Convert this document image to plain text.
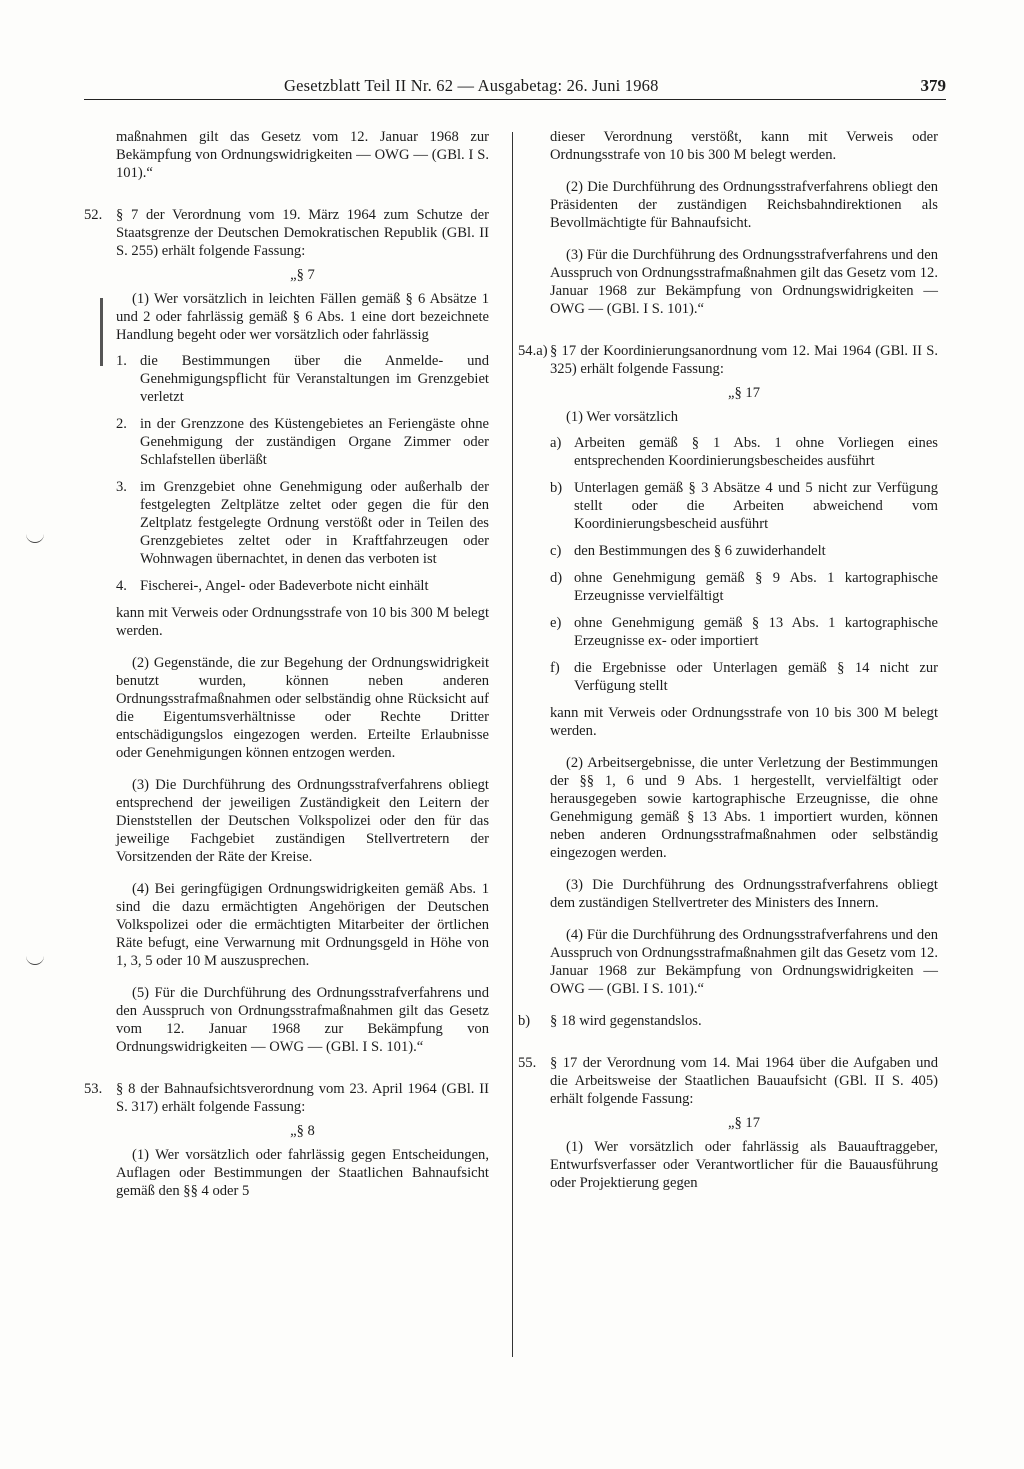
Gesetzblatt Teil II Nr. 62 — Ausgabetag: 26. Juni 1968	379

maßnahmen gilt das Gesetz vom 12. Januar 1968 zur Bekämpfung von Ordnungswidrigkeiten — OWG — (GBl. I S. 101).“

52. § 7 der Verordnung vom 19. März 1964 zum Schutze der Staatsgrenze der Deutschen Demokratischen Republik (GBl. II S. 255) erhält folgende Fassung:

„§ 7

(1) Wer vorsätzlich in leichten Fällen gemäß § 6 Absätze 1 und 2 oder fahrlässig gemäß § 6 Abs. 1 eine dort bezeichnete Handlung begeht oder wer vorsätzlich oder fahrlässig

1. die Bestimmungen über die Anmelde- und Genehmigungspflicht für Veranstaltungen im Grenzgebiet verletzt
2. in der Grenzzone des Küstengebietes an Feriengäste ohne Genehmigung der zuständigen Organe Zimmer oder Schlafstellen überläßt
3. im Grenzgebiet ohne Genehmigung oder außerhalb der festgelegten Zeltplätze zeltet oder gegen die für den Zeltplatz festgelegte Ordnung verstößt oder in Teilen des Grenzgebietes zeltet oder in Kraftfahrzeugen oder Wohnwagen übernachtet, in denen das verboten ist
4. Fischerei-, Angel- oder Badeverbote nicht einhält

kann mit Verweis oder Ordnungsstrafe von 10 bis 300 M belegt werden.

(2) Gegenstände, die zur Begehung der Ordnungswidrigkeit benutzt wurden, können neben anderen Ordnungsstrafmaßnahmen oder selbständig ohne Rücksicht auf die Eigentumsverhältnisse oder Rechte Dritter entschädigungslos eingezogen werden. Erteilte Erlaubnisse oder Genehmigungen können entzogen werden.

(3) Die Durchführung des Ordnungsstrafverfahrens obliegt entsprechend der jeweiligen Zuständigkeit den Leitern der Dienststellen der Deutschen Volkspolizei oder den für das jeweilige Fachgebiet zuständigen Stellvertretern der Vorsitzenden der Räte der Kreise.

(4) Bei geringfügigen Ordnungswidrigkeiten gemäß Abs. 1 sind die dazu ermächtigten Angehörigen der Deutschen Volkspolizei oder die ermächtigten Mitarbeiter der örtlichen Räte befugt, eine Verwarnung mit Ordnungsgeld in Höhe von 1, 3, 5 oder 10 M auszusprechen.

(5) Für die Durchführung des Ordnungsstrafverfahrens und den Ausspruch von Ordnungsstrafmaßnahmen gilt das Gesetz vom 12. Januar 1968 zur Bekämpfung von Ordnungswidrigkeiten — OWG — (GBl. I S. 101).“

53. § 8 der Bahnaufsichtsverordnung vom 23. April 1964 (GBl. II S. 317) erhält folgende Fassung:

„§ 8

(1) Wer vorsätzlich oder fahrlässig gegen Entscheidungen, Auflagen oder Bestimmungen der Staatlichen Bahnaufsicht gemäß den §§ 4 oder 5

dieser Verordnung verstößt, kann mit Verweis oder Ordnungsstrafe von 10 bis 300 M belegt werden.

(2) Die Durchführung des Ordnungsstrafverfahrens obliegt den Präsidenten der zuständigen Reichsbahndirektionen als Bevollmächtigte für Bahnaufsicht.

(3) Für die Durchführung des Ordnungsstrafverfahrens und den Ausspruch von Ordnungsstrafmaßnahmen gilt das Gesetz vom 12. Januar 1968 zur Bekämpfung von Ordnungswidrigkeiten — OWG — (GBl. I S. 101).“

54.a) § 17 der Koordinierungsanordnung vom 12. Mai 1964 (GBl. II S. 325) erhält folgende Fassung:

„§ 17

(1) Wer vorsätzlich

a) Arbeiten gemäß § 1 Abs. 1 ohne Vorliegen eines entsprechenden Koordinierungsbescheides ausführt
b) Unterlagen gemäß § 3 Absätze 4 und 5 nicht zur Verfügung stellt oder die Arbeiten abweichend vom Koordinierungsbescheid ausführt
c) den Bestimmungen des § 6 zuwiderhandelt
d) ohne Genehmigung gemäß § 9 Abs. 1 kartographische Erzeugnisse vervielfältigt
e) ohne Genehmigung gemäß § 13 Abs. 1 kartographische Erzeugnisse ex- oder importiert
f) die Ergebnisse oder Unterlagen gemäß § 14 nicht zur Verfügung stellt

kann mit Verweis oder Ordnungsstrafe von 10 bis 300 M belegt werden.

(2) Arbeitsergebnisse, die unter Verletzung der Bestimmungen der §§ 1, 6 und 9 Abs. 1 hergestellt, vervielfältigt oder herausgegeben sowie kartographische Erzeugnisse, die ohne Genehmigung gemäß § 13 Abs. 1 importiert wurden, können neben anderen Ordnungsstrafmaßnahmen oder selbständig eingezogen werden.

(3) Die Durchführung des Ordnungsstrafverfahrens obliegt dem zuständigen Stellvertreter des Ministers des Innern.

(4) Für die Durchführung des Ordnungsstrafverfahrens und den Ausspruch von Ordnungsstrafmaßnahmen gilt das Gesetz vom 12. Januar 1968 zur Bekämpfung von Ordnungswidrigkeiten — OWG — (GBl. I S. 101).“

b)	§ 18 wird gegenstandslos.

55. § 17 der Verordnung vom 14. Mai 1964 über die Aufgaben und die Arbeitsweise der Staatlichen Bauaufsicht (GBl. II S. 405) erhält folgende Fassung:

„§ 17

(1) Wer vorsätzlich oder fahrlässig als Bauauftraggeber, Entwurfsverfasser oder Verantwortlicher für die Bauausführung oder Projektierung gegen
